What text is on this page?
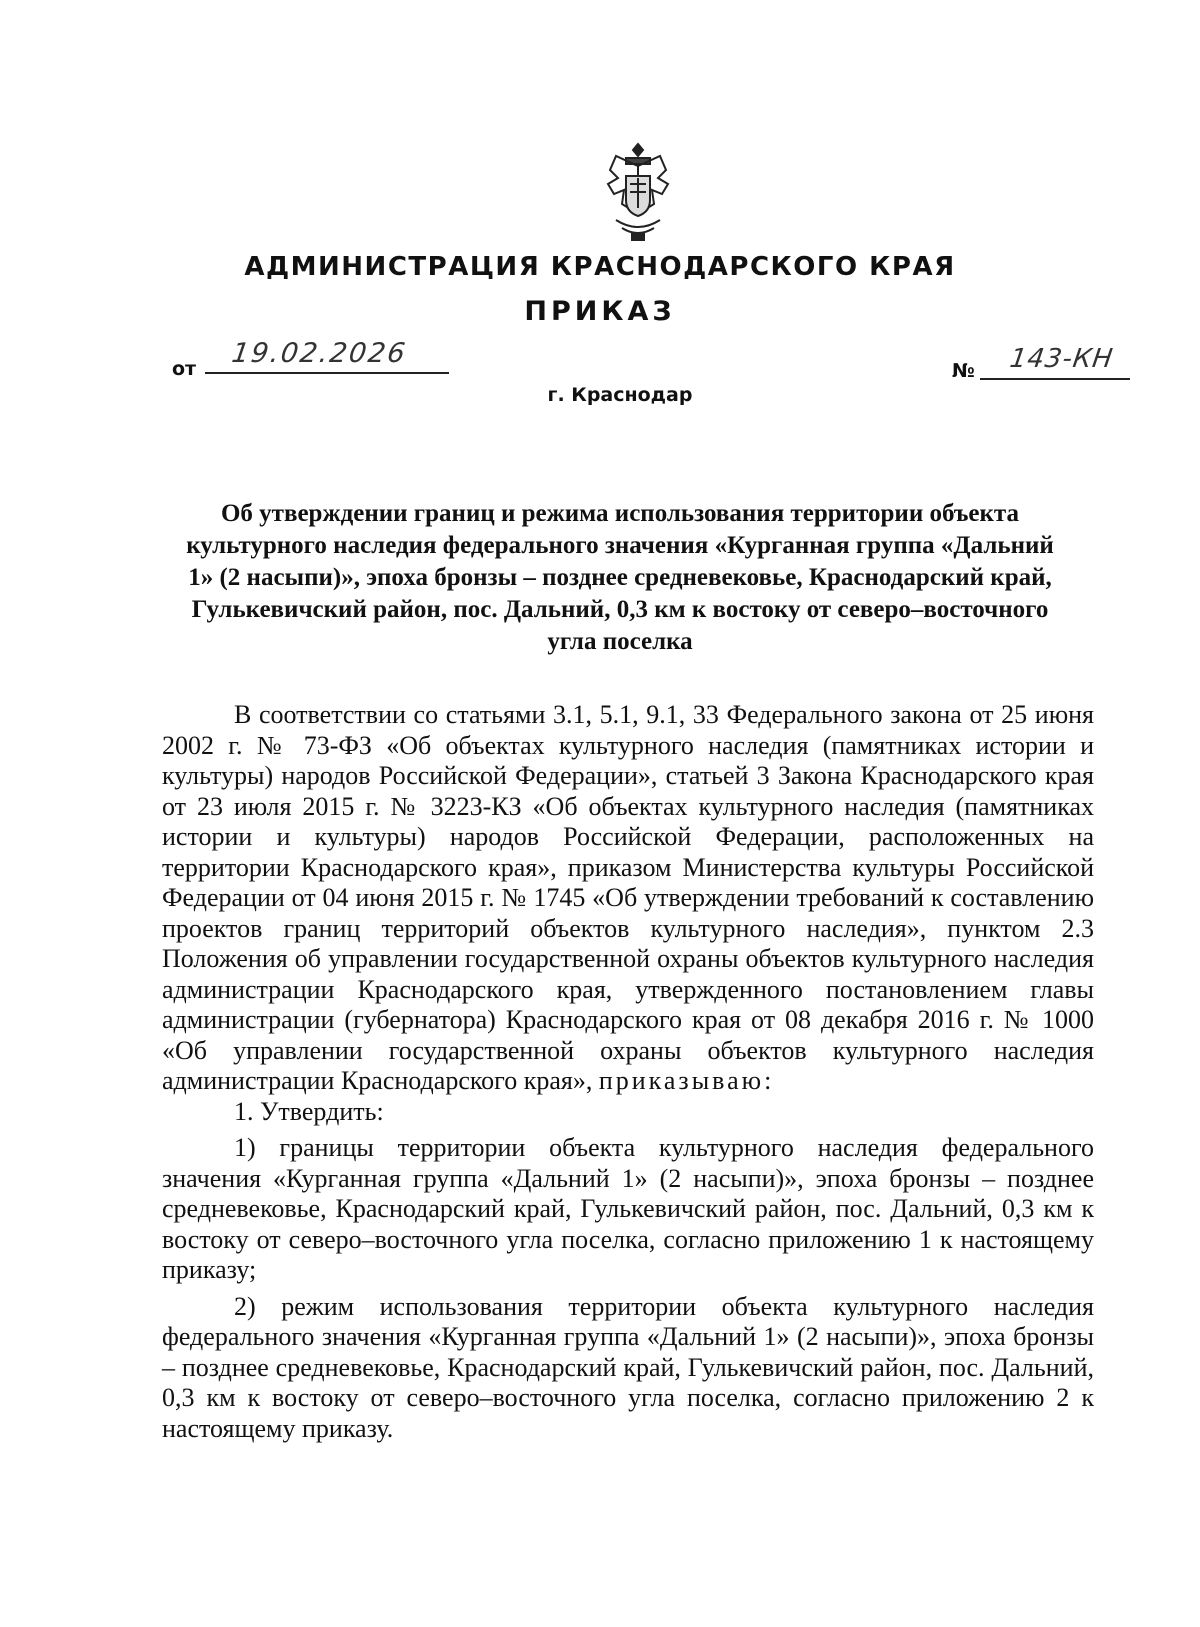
АДМИНИСТРАЦИЯ КРАСНОДАРСКОГО КРАЯ
ПРИКАЗ
от 19.02.2026
№ 143-КН
г. Краснодар
Об утверждении границ и режима использования территории объекта культурного наследия федерального значения «Курганная группа «Дальний 1» (2 насыпи)», эпоха бронзы – позднее средневековье, Краснодарский край, Гулькевичский район, пос. Дальний, 0,3 км к востоку от северо–восточного угла поселка

В соответствии со статьями 3.1, 5.1, 9.1, 33 Федерального закона от 25 июня 2002 г. № 73-ФЗ «Об объектах культурного наследия (памятниках истории и культуры) народов Российской Федерации», статьей 3 Закона Краснодарского края от 23 июля 2015 г. № 3223-КЗ «Об объектах культурного наследия (памятниках истории и культуры) народов Российской Федерации, расположенных на территории Краснодарского края», приказом Министерства культуры Российской Федерации от 04 июня 2015 г. № 1745 «Об утверждении требований к составлению проектов границ территорий объектов культурного наследия», пунктом 2.3 Положения об управлении государственной охраны объектов культурного наследия администрации Краснодарского края, утвержденного постановлением главы администрации (губернатора) Краснодарского края от 08 декабря 2016 г. № 1000 «Об управлении государственной охраны объектов культурного наследия администрации Краснодарского края», приказываю:

1. Утвердить:

1) границы территории объекта культурного наследия федерального значения «Курганная группа «Дальний 1» (2 насыпи)», эпоха бронзы – позднее средневековье, Краснодарский край, Гулькевичский район, пос. Дальний, 0,3 км к востоку от северо–восточного угла поселка, согласно приложению 1 к настоящему приказу;

2) режим использования территории объекта культурного наследия федерального значения «Курганная группа «Дальний 1» (2 насыпи)», эпоха бронзы – позднее средневековье, Краснодарский край, Гулькевичский район, пос. Дальний, 0,3 км к востоку от северо–восточного угла поселка, согласно приложению 2 к настоящему приказу.
